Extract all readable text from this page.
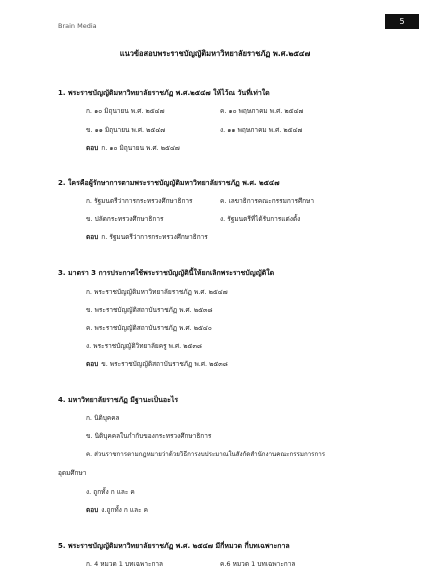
Brain Media	5
แนวข้อสอบพระราชบัญญัติมหาวิทยาลัยราชภัฏ พ.ศ.๒๕๔๗
1. พระราชบัญญัติมหาวิทยาลัยราชภัฏ พ.ศ.๒๕๔๗ ให้ไว้ณ วันที่เท่าใด
ก. ๑๐ มิถุนายน พ.ศ. ๒๕๔๗	ค. ๑๐ พฤษภาคม พ.ศ. ๒๕๔๗
ข. ๑๑ มิถุนายน พ.ศ. ๒๕๔๗	ง. ๑๑ พฤษภาคม พ.ศ. ๒๕๔๗
ตอบ ก. ๑๐ มิถุนายน พ.ศ. ๒๕๔๗
2. ใครคือผู้รักษาการตามพระราชบัญญัติมหาวิทยาลัยราชภัฏ พ.ศ. ๒๕๔๗
ก. รัฐมนตรีว่าการกระทรวงศึกษาธิการ	ค. เลขาธิการคณะกรรมการศึกษา
ข. ปลัดกระทรวงศึกษาธิการ	ง. รัฐมนตรีที่ได้รับการแต่งตั้ง
ตอบ ก. รัฐมนตรีว่าการกระทรวงศึกษาธิการ
3. มาตรา 3 การประกาศใช้พระราชบัญญัตินี้ให้ยกเลิกพระราชบัญญัติใด
ก. พระราชบัญญัติมหาวิทยาลัยราชภัฏ พ.ศ. ๒๕๔๗
ข. พระราชบัญญัติสถาบันราชภัฏ พ.ศ. ๒๕๓๘
ค. พระราชบัญญัติสถาบันราชภัฏ พ.ศ. ๒๕๔๐
ง. พระราชบัญญัติวิทยาลัยครู พ.ศ. ๒๕๓๘
ตอบ ข. พระราชบัญญัติสถาบันราชภัฏ พ.ศ. ๒๕๓๘
4. มหาวิทยาลัยราชภัฏ มีฐานะเป็นอะไร
ก. นิติบุคคล
ข. นิติบุคคลในกำกับของกระทรวงศึกษาธิการ
ค. ส่วนราชการตามกฎหมายว่าด้วยวิธีการงบประมาณในสังกัดสำนักงานคณะกรรมการการ
อุดมศึกษา
ง. ถูกทั้ง ก และ ค
ตอบ ง.ถูกทั้ง ก และ ค
5. พระราชบัญญัติมหาวิทยาลัยราชภัฏ พ.ศ. ๒๕๔๗ มีกี่หมวด กี่บทเฉพาะกาล
ก. 4 หมวด 1 บทเฉพาะกาล	ค.6 หมวด 1 บทเฉพาะกาล
